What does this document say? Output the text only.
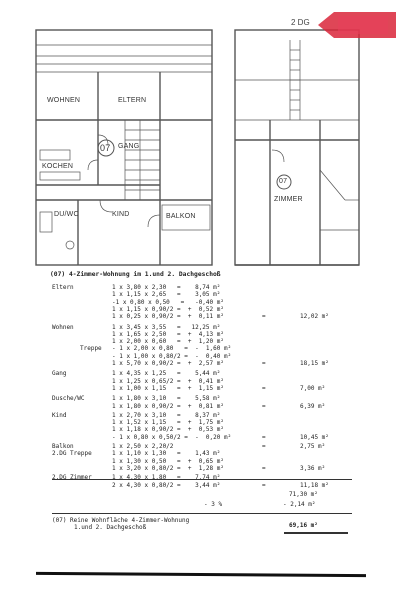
2 DG
WOHNEN	ELTERN
07 GANG
KOCHEN
DU/WC	KIND	BALKON
07
ZIMMER
(07) 4-Zimmer-Wohnung im 1.und 2. Dachgeschoß
Eltern	1 x 3,80 x 2,30   =    8,74 m²
1 x 1,15 x 2,65   =    3,05 m²
-1 x 0,80 x 0,50   =   -0,40 m²
1 x 1,15 x 0,90/2 =  +  0,52 m²
1 x 0,25 x 0,90/2 =  +  0,11 m²	=	12,02 m²
Wohnen	1 x 3,45 x 3,55   =   12,25 m²
1 x 1,65 x 2,50   =  +  4,13 m²
1 x 2,00 x 0,60   =  +  1,20 m²
Treppe - 1 x 2,00 x 0,80   =  -  1,60 m²
- 1 x 1,00 x 0,80/2 =  -  0,40 m²
1 x 5,70 x 0,90/2 =  +  2,57 m²	=	18,15 m²
Gang	1 x 4,35 x 1,25   =    5,44 m²
1 x 1,25 x 0,65/2 =  +  0,41 m²
1 x 1,00 x 1,15   =  +  1,15 m²	=	7,00 m²
Dusche/WC	1 x 1,80 x 3,10   =    5,58 m²
1 x 1,80 x 0,90/2 =  +  0,81 m²	=	6,39 m²
Kind	1 x 2,70 x 3,10   =    8,37 m²
1 x 1,52 x 1,15   =  +  1,75 m²
1 x 1,18 x 0,90/2 =  +  0,53 m²
- 1 x 0,80 x 0,50/2 =  -  0,20 m²	=	10,45 m²
Balkon	1 x 2,50 x 2,20/2	=	2,75 m²
2.DG Treppe	1 x 1,10 x 1,30   =    1,43 m²
1 x 1,30 x 0,50   =  +  0,65 m²
1 x 3,20 x 0,80/2 =  +  1,28 m²	=	3,36 m²
2.DG Zimmer	1 x 4,30 x 1,80   =    7,74 m²
2 x 4,30 x 0,80/2 =    3,44 m²	=	11,18 m²
71,30 m²
- 3 %	- 2,14 m²
(07) Reine Wohnfläche 4-Zimmer-Wohnung
1.und 2. Dachgeschoß	69,16 m²
